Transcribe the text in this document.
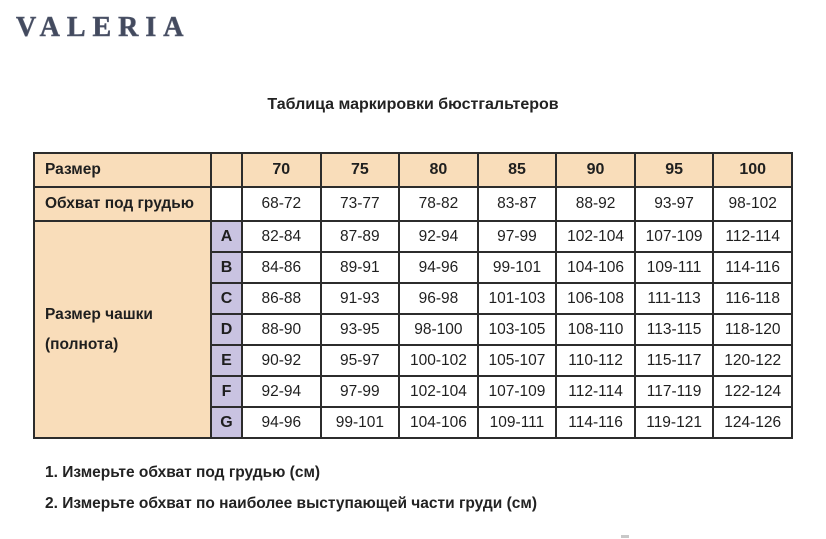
VALERIA
Таблица маркировки бюстгальтеров
Размер		70	75	80	85	90	95	100
Обхват под грудью		68-72	73-77	78-82	83-87	88-92	93-97	98-102

Размер чашки
(полнота)	A	82-84	87-89	92-94	97-99	102-104	107-109	112-114
	B	84-86	89-91	94-96	99-101	104-106	109-111	114-116
	C	86-88	91-93	96-98	101-103	106-108	111-113	116-118
	D	88-90	93-95	98-100	103-105	108-110	113-115	118-120
	E	90-92	95-97	100-102	105-107	110-112	115-117	120-122
	F	92-94	97-99	102-104	107-109	112-114	117-119	122-124
	G	94-96	99-101	104-106	109-111	114-116	119-121	124-126
1. Измерьте обхват под грудью (см)
2. Измерьте обхват по наиболее выступающей части груди (см)
